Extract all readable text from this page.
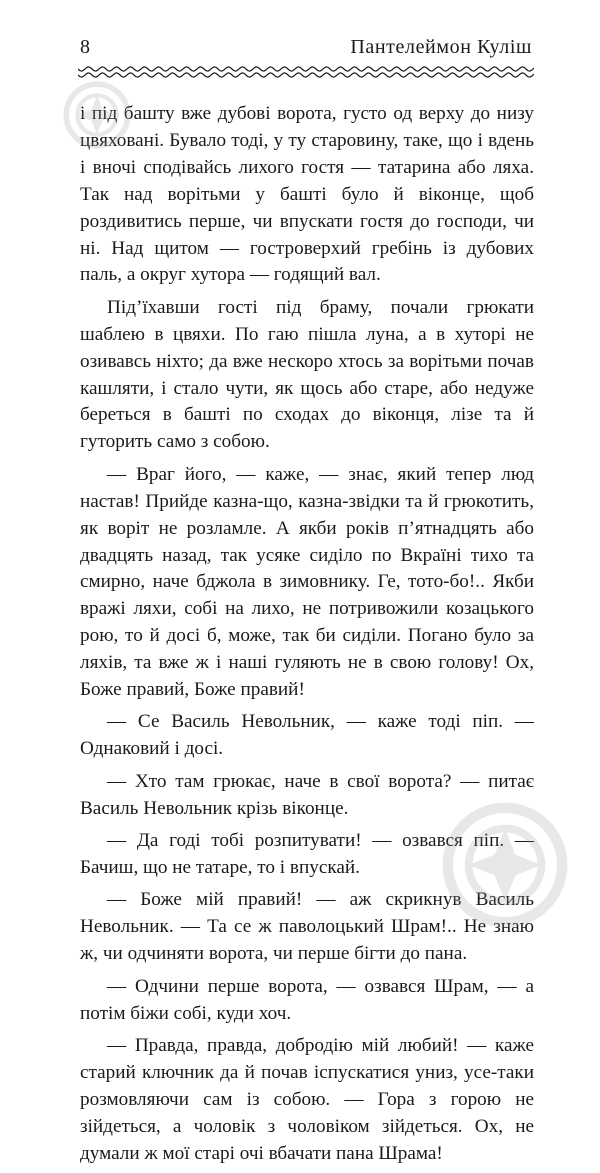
8	Пантелеймон Куліш

і під башту вже дубові ворота, густо од верху до низу цвяховані. Бувало тоді, у ту старовину, таке, що і вдень і вночі сподівайсь лихого гостя — татарина або ляха. Так над ворітьми у башті було й віконце, щоб роздивитись перше, чи впускати гостя до господи, чи ні. Над щитом — гостроверхий гребінь із дубових паль, а округ хутора — годящий вал.

Під’їхавши гості під браму, почали грюкати шаблею в цвяхи. По гаю пішла луна, а в хуторі не озивавсь ніхто; да вже нескоро хтось за ворітьми почав кашляти, і стало чути, як щось або старе, або недуже береться в башті по сходах до віконця, лізе та й гуторить само з собою.

— Враг його, — каже, — знає, який тепер люд настав! Прийде казна-що, казна-звідки та й грюкотить, як воріт не розламле. А якби років п’ятнадцять або двадцять назад, так усяке сиділо по Вкраїні тихо та смирно, наче бджола в зимовнику. Ге, тото-бо!.. Якби вражі ляхи, собі на лихо, не потривожили козацького рою, то й досі б, може, так би сиділи. Погано було за ляхів, та вже ж і наші гуляють не в свою голову! Ох, Боже правий, Боже правий!

— Се Василь Невольник, — каже тоді піп. — Однаковий і досі.

— Хто там грюкає, наче в свої ворота? — питає Василь Невольник крізь віконце.

— Да годі тобі розпитувати! — озвався піп. — Бачиш, що не татаре, то і впускай.

— Боже мій правий! — аж скрикнув Василь Невольник. — Та се ж паволоцький Шрам!.. Не знаю ж, чи одчиняти ворота, чи перше бігти до пана.

— Одчини перше ворота, — озвався Шрам, — а потім біжи собі, куди хоч.

— Правда, правда, добродію мій любий! — каже старий ключник да й почав іспускатися униз, усе-таки розмовляючи сам із собою. — Гора з горою не зійдеться, а чоловік з чоловіком зійдеться. Ох, не думали ж мої старі очі вбачати пана Шрама!
